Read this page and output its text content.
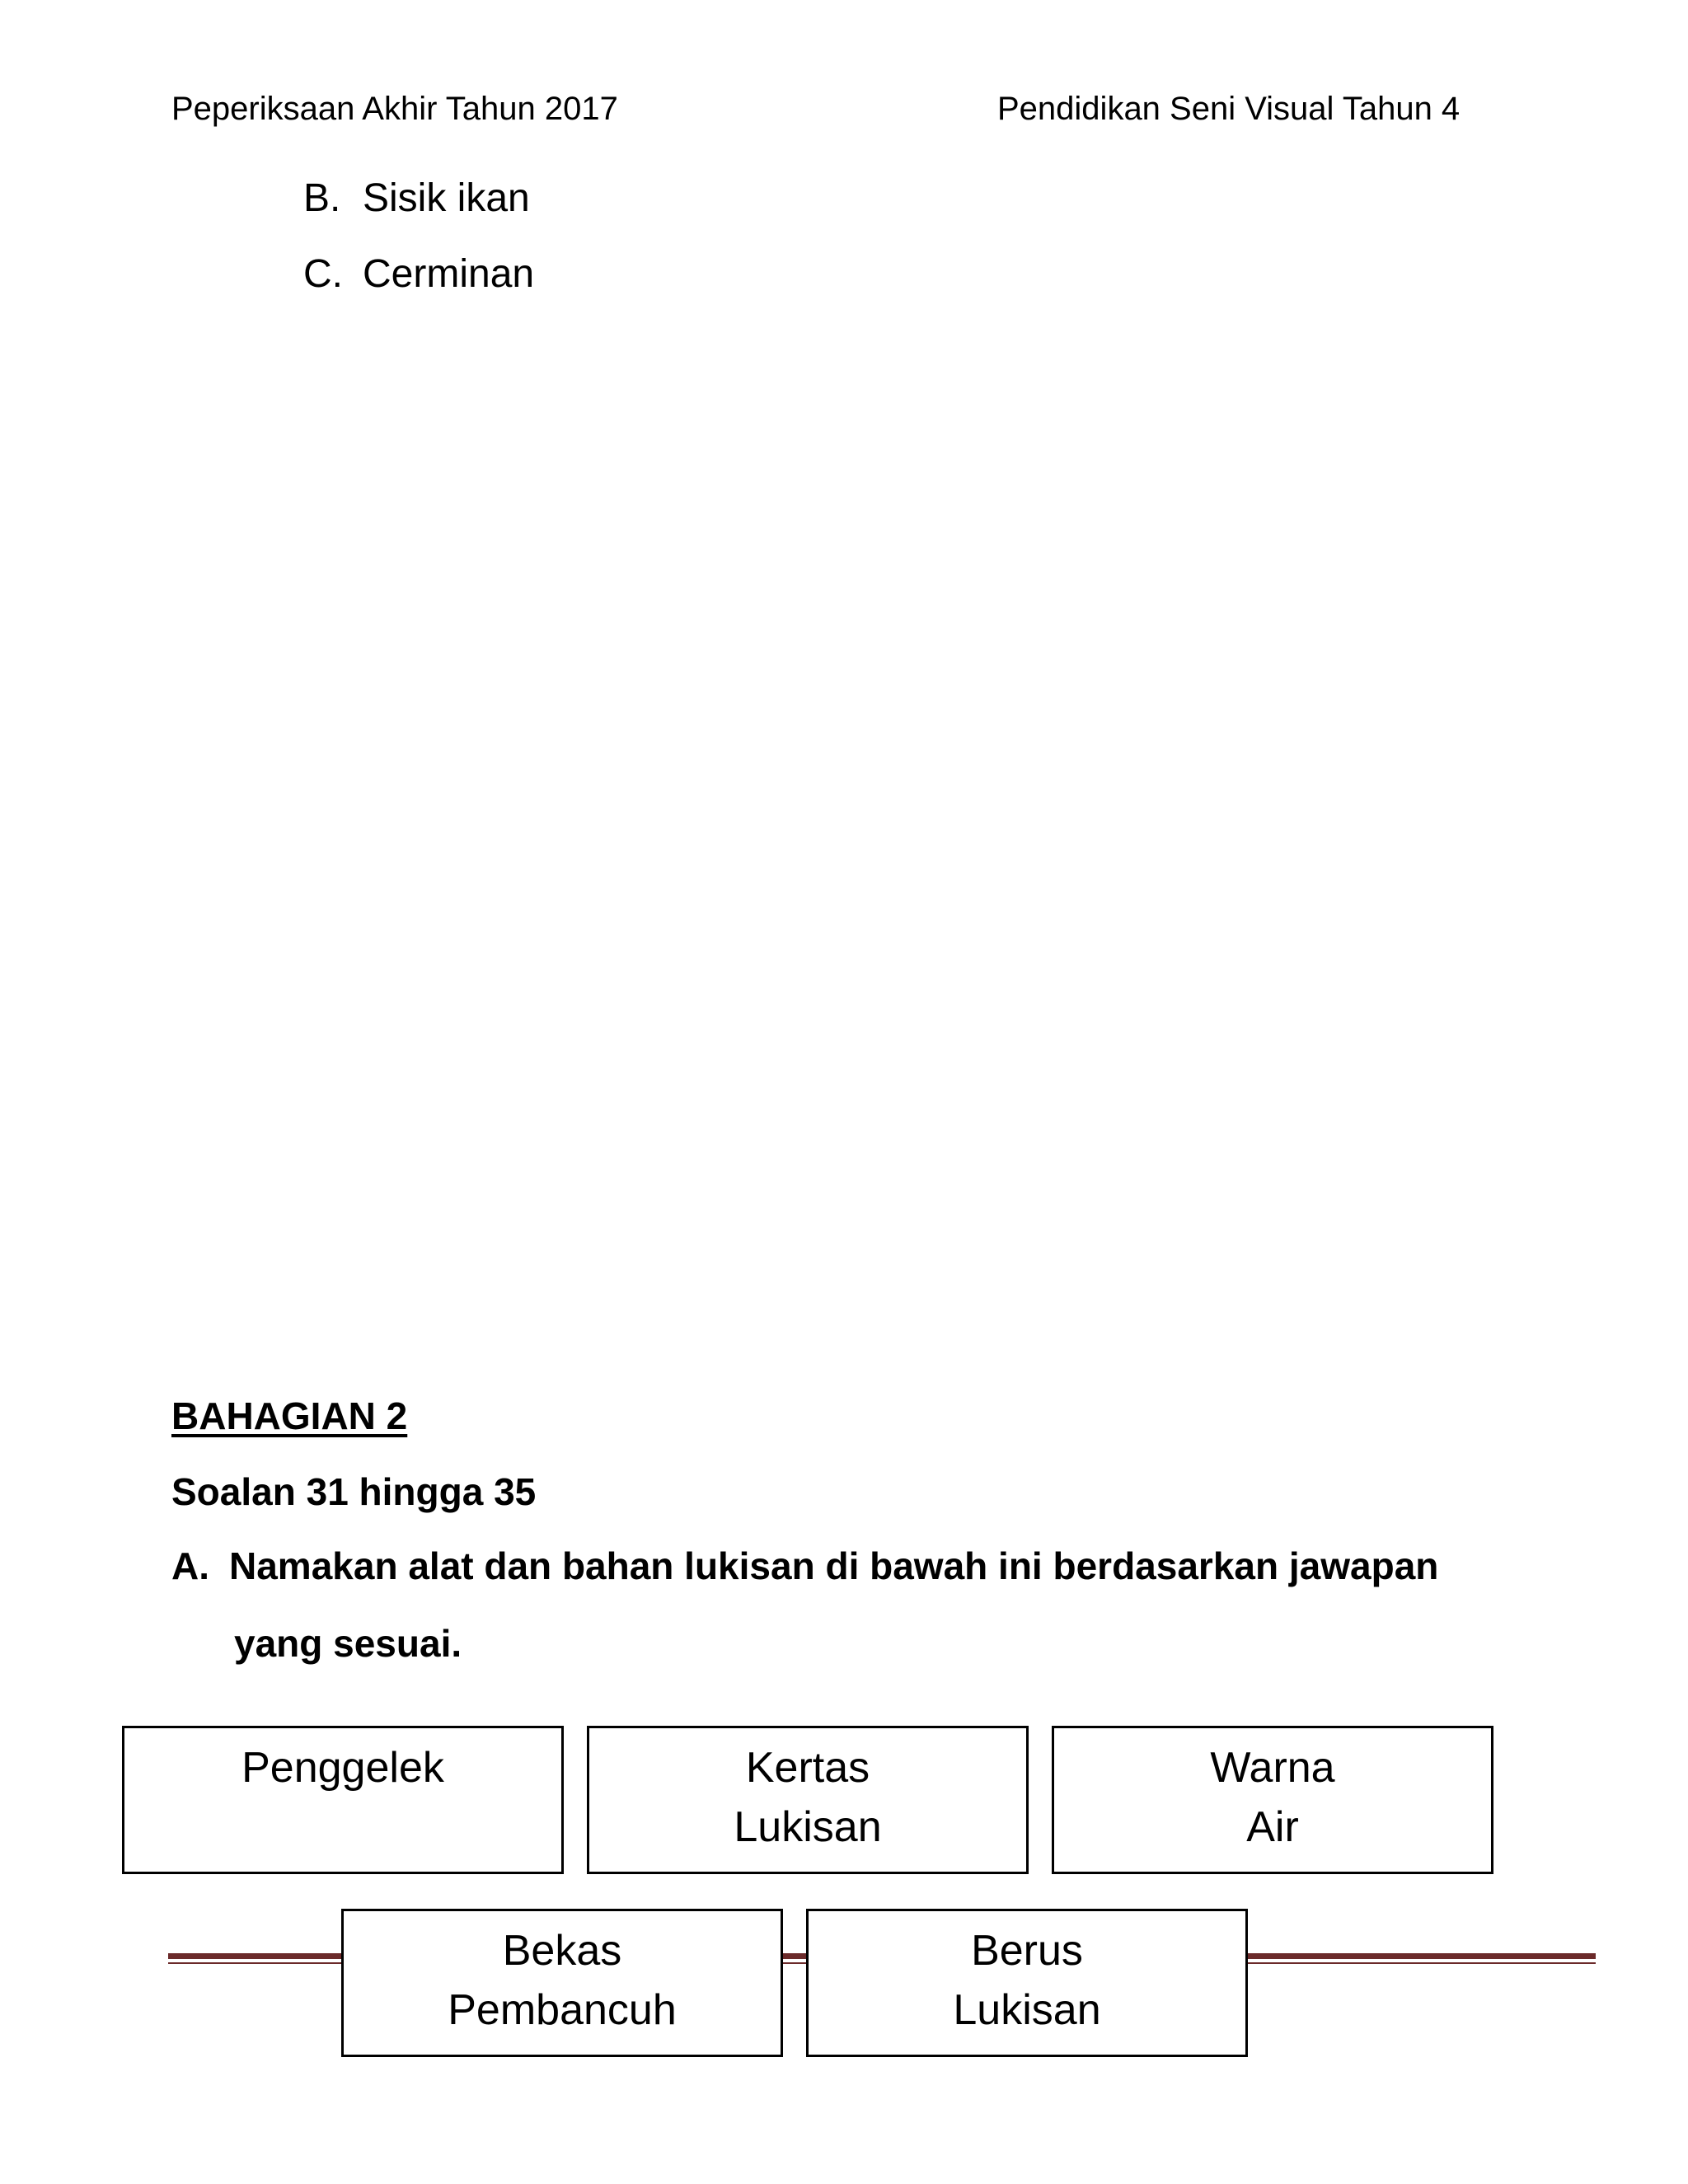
Peperiksaan Akhir Tahun 2017	Pendidikan Seni Visual Tahun 4
B. Sisik ikan
C. Cerminan
BAHAGIAN 2
Soalan 31 hingga 35
A. Namakan alat dan bahan lukisan di bawah ini berdasarkan jawapan
yang sesuai.
Penggelek	Kertas
Lukisan
Warna
Air
Bekas
Pembancuh
Berus
Lukisan
